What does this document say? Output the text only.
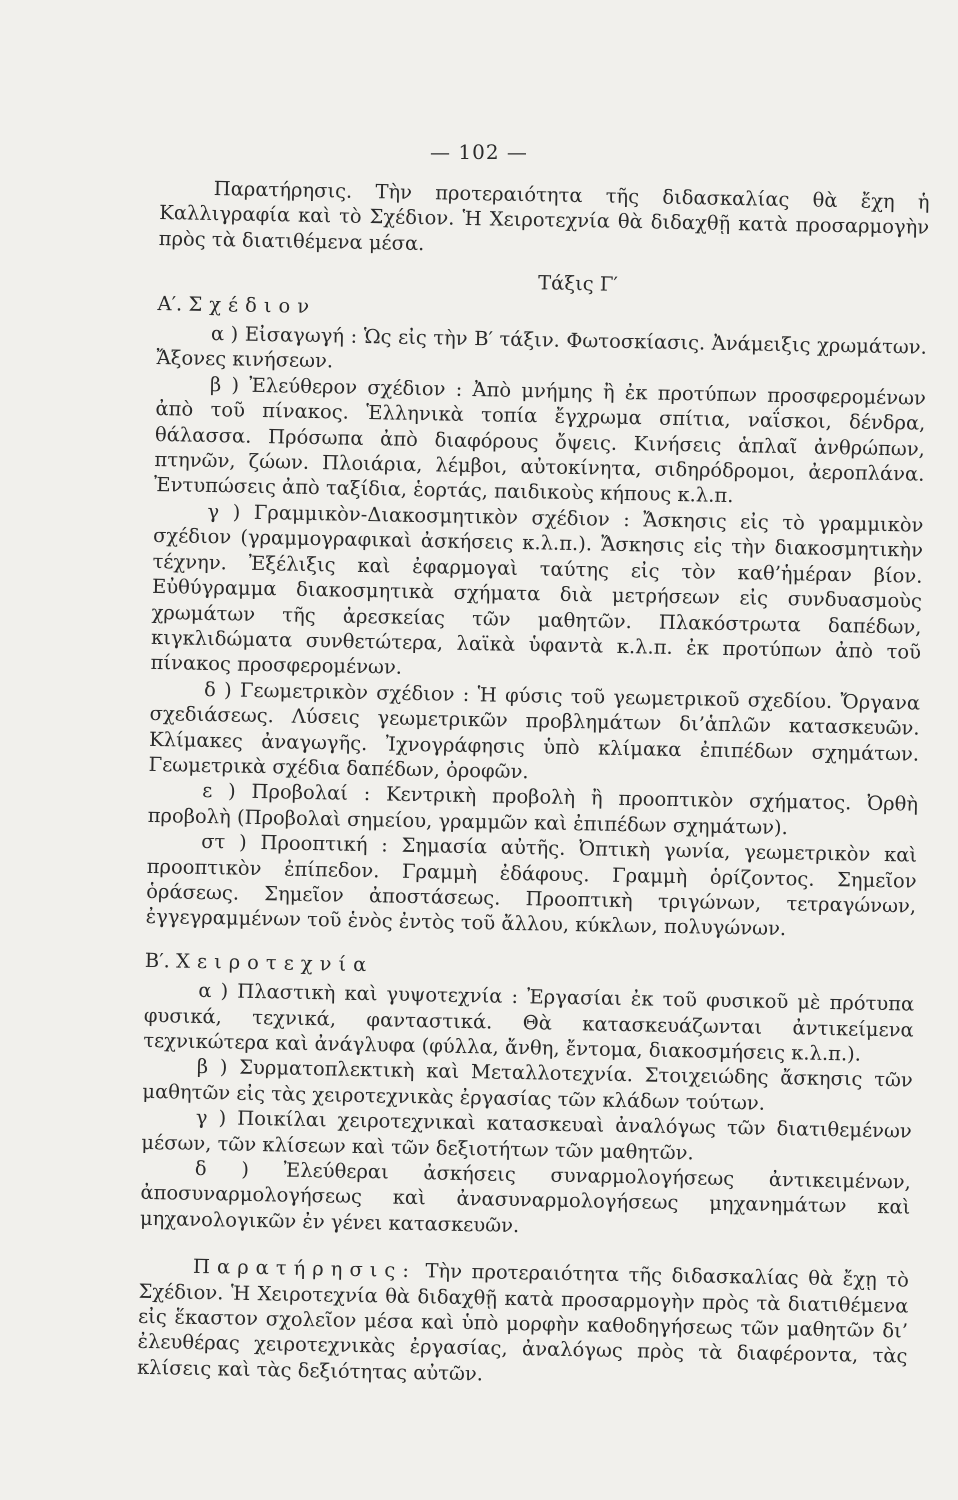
— 102 —

Παρατήρησις. Τὴν προτεραιότητα τῆς διδασκαλίας θὰ ἔχη ἡ Καλλιγραφία καὶ τὸ Σχέδιον. Ἡ Χειροτεχνία θὰ διδαχθῇ κατὰ προσαρμογὴν πρὸς τὰ διατιθέμενα μέσα.

Τάξις Γ′

Α′. Σχέδιον

α ) Εἰσαγωγή : Ὡς εἰς τὴν Β′ τάξιν. Φωτοσκίασις. Ἀνάμειξις χρωμάτων. Ἄξονες κινήσεων.

β ) Ἐλεύθερον σχέδιον : Ἀπὸ μνήμης ἢ ἐκ προτύπων προσφερομένων ἀπὸ τοῦ πίνακος. Ἑλληνικὰ τοπία ἔγχρωμα σπίτια, ναΐσκοι, δένδρα, θάλασσα. Πρόσωπα ἀπὸ διαφόρους ὄψεις. Κινήσεις ἁπλαῖ ἀνθρώπων, πτηνῶν, ζώων. Πλοιάρια, λέμβοι, αὐτοκίνητα, σιδηρόδρομοι, ἀεροπλάνα. Ἐντυπώσεις ἀπὸ ταξίδια, ἑορτάς, παιδικοὺς κήπους κ.λ.π.

γ ) Γραμμικὸν-Διακοσμητικὸν σχέδιον : Ἄσκησις εἰς τὸ γραμμικὸν σχέδιον (γραμμογραφικαὶ ἀσκήσεις κ.λ.π.). Ἄσκησις εἰς τὴν διακοσμητικὴν τέχνην. Ἐξέλιξις καὶ ἐφαρμογαὶ ταύτης εἰς τὸν καθ’ἡμέραν βίον. Εὐθύγραμμα διακοσμητικὰ σχήματα διὰ μετρήσεων εἰς συνδυασμοὺς χρωμάτων τῆς ἀρεσκείας τῶν μαθητῶν. Πλακόστρωτα δαπέδων, κιγκλιδώματα συνθετώτερα, λαϊκὰ ὑφαντὰ κ.λ.π. ἐκ προτύπων ἀπὸ τοῦ πίνακος προσφερομένων.

δ ) Γεωμετρικὸν σχέδιον : Ἡ φύσις τοῦ γεωμετρικοῦ σχεδίου. Ὄργανα σχεδιάσεως. Λύσεις γεωμετρικῶν προβλημάτων δι’ἁπλῶν κατασκευῶν. Κλίμακες ἀναγωγῆς. Ἰχνογράφησις ὑπὸ κλίμακα ἐπιπέδων σχημάτων. Γεωμετρικὰ σχέδια δαπέδων, ὀροφῶν.

ε ) Προβολαί : Κεντρικὴ προβολὴ ἢ προοπτικὸν σχήματος. Ὀρθὴ προβολὴ (Προβολαὶ σημείου, γραμμῶν καὶ ἐπιπέδων σχημάτων).

στ ) Προοπτική : Σημασία αὐτῆς. Ὀπτικὴ γωνία, γεωμετρικὸν καὶ προοπτικὸν ἐπίπεδον. Γραμμὴ ἐδάφους. Γραμμὴ ὁρίζοντος. Σημεῖον ὁράσεως. Σημεῖον ἀποστάσεως. Προοπτικὴ τριγώνων, τετραγώνων, ἐγγεγραμμένων τοῦ ἑνὸς ἐντὸς τοῦ ἄλλου, κύκλων, πολυγώνων.

Β′. Χειροτεχνία

α ) Πλαστικὴ καὶ γυψοτεχνία : Ἐργασίαι ἐκ τοῦ φυσικοῦ μὲ πρότυπα φυσικά, τεχνικά, φανταστικά. Θὰ κατασκευάζωνται ἀντικείμενα τεχνικώτερα καὶ ἀνάγλυφα (φύλλα, ἄνθη, ἔντομα, διακοσμήσεις κ.λ.π.).

β ) Συρματοπλεκτικὴ καὶ Μεταλλοτεχνία. Στοιχειώδης ἄσκησις τῶν μαθητῶν εἰς τὰς χειροτεχνικὰς ἐργασίας τῶν κλάδων τούτων.

γ ) Ποικίλαι χειροτεχνικαὶ κατασκευαὶ ἀναλόγως τῶν διατιθεμένων μέσων, τῶν κλίσεων καὶ τῶν δεξιοτήτων τῶν μαθητῶν.

δ ) Ἐλεύθεραι ἀσκήσεις συναρμολογήσεως ἀντικειμένων, ἀποσυναρμολογήσεως καὶ ἀνασυναρμολογήσεως μηχανημάτων καὶ μηχανολογικῶν ἐν γένει κατασκευῶν.

Παρατήρησις: Τὴν προτεραιότητα τῆς διδασκαλίας θὰ ἔχῃ τὸ Σχέδιον. Ἡ Χειροτεχνία θὰ διδαχθῇ κατὰ προσαρμογὴν πρὸς τὰ διατιθέμενα εἰς ἕκαστον σχολεῖον μέσα καὶ ὑπὸ μορφὴν καθοδηγήσεως τῶν μαθητῶν δι’ ἐλευθέρας χειροτεχνικὰς ἐργασίας, ἀναλόγως πρὸς τὰ διαφέροντα, τὰς κλίσεις καὶ τὰς δεξιότητας αὐτῶν.
